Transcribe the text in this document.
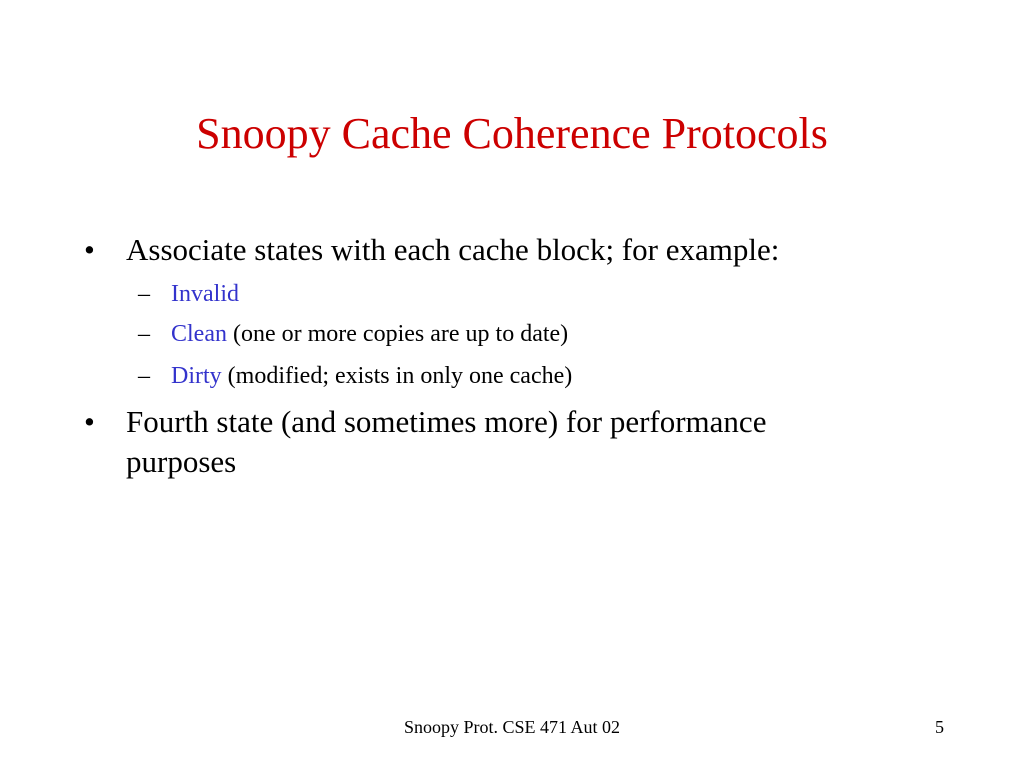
Snoopy Cache Coherence Protocols
•	Associate states with each cache block; for example:
– Invalid
– Clean (one or more copies are up to date)
– Dirty (modified; exists in only one cache)
•	Fourth state (and sometimes more) for performance purposes
Snoopy Prot. CSE 471 Aut 02	5
